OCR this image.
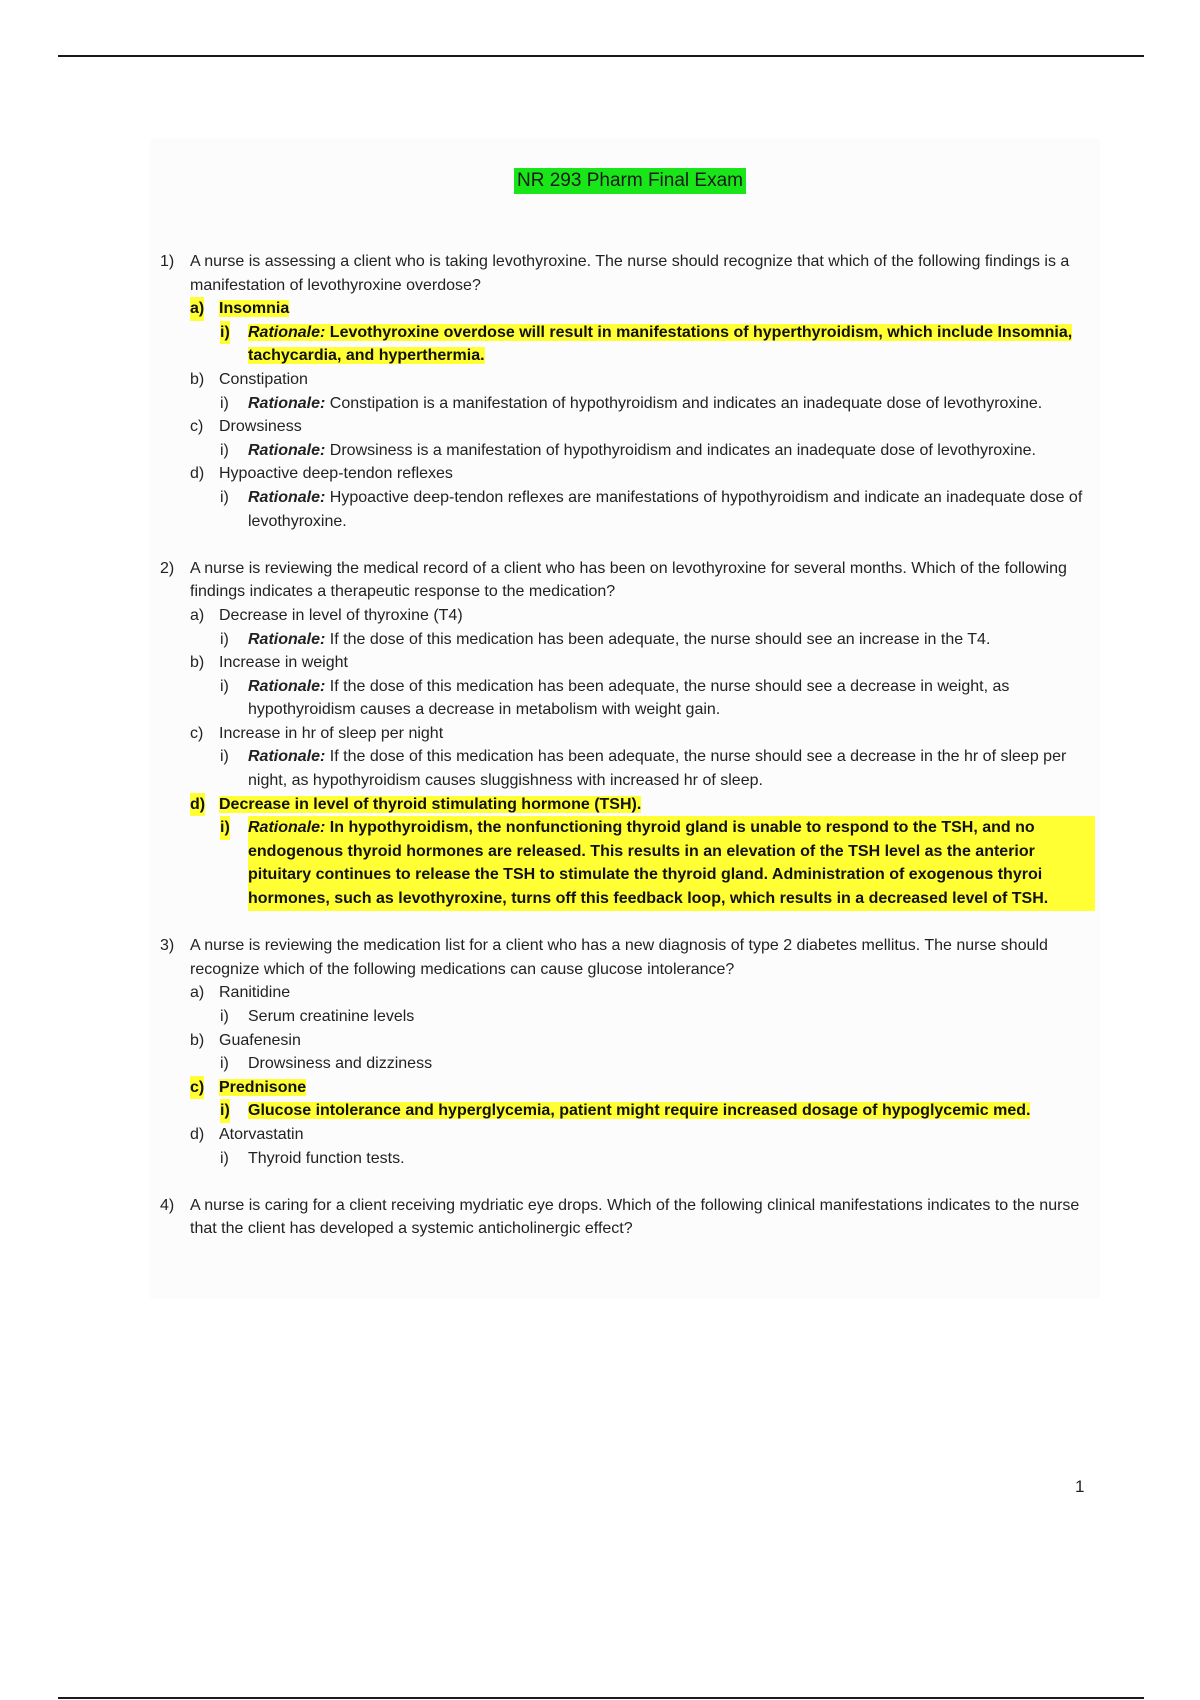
NR 293 Pharm Final Exam
1) A nurse is assessing a client who is taking levothyroxine. The nurse should recognize that which of the following findings is a manifestation of levothyroxine overdose?
a) Insomnia
i) Rationale: Levothyroxine overdose will result in manifestations of hyperthyroidism, which include Insomnia, tachycardia, and hyperthermia.
b) Constipation
i) Rationale: Constipation is a manifestation of hypothyroidism and indicates an inadequate dose of levothyroxine.
c) Drowsiness
i) Rationale: Drowsiness is a manifestation of hypothyroidism and indicates an inadequate dose of levothyroxine.
d) Hypoactive deep-tendon reflexes
i) Rationale: Hypoactive deep-tendon reflexes are manifestations of hypothyroidism and indicate an inadequate dose of levothyroxine.
2) A nurse is reviewing the medical record of a client who has been on levothyroxine for several months. Which of the following findings indicates a therapeutic response to the medication?
a) Decrease in level of thyroxine (T4)
i) Rationale: If the dose of this medication has been adequate, the nurse should see an increase in the T4.
b) Increase in weight
i) Rationale: If the dose of this medication has been adequate, the nurse should see a decrease in weight, as hypothyroidism causes a decrease in metabolism with weight gain.
c) Increase in hr of sleep per night
i) Rationale: If the dose of this medication has been adequate, the nurse should see a decrease in the hr of sleep per night, as hypothyroidism causes sluggishness with increased hr of sleep.
d) Decrease in level of thyroid stimulating hormone (TSH).
i) Rationale: In hypothyroidism, the nonfunctioning thyroid gland is unable to respond to the TSH, and no endogenous thyroid hormones are released. This results in an elevation of the TSH level as the anterior pituitary continues to release the TSH to stimulate the thyroid gland. Administration of exogenous thyroi hormones, such as levothyroxine, turns off this feedback loop, which results in a decreased level of TSH.
3) A nurse is reviewing the medication list for a client who has a new diagnosis of type 2 diabetes mellitus. The nurse should recognize which of the following medications can cause glucose intolerance?
a) Ranitidine
i) Serum creatinine levels
b) Guafenesin
i) Drowsiness and dizziness
c) Prednisone
i) Glucose intolerance and hyperglycemia, patient might require increased dosage of hypoglycemic med.
d) Atorvastatin
i) Thyroid function tests.
4) A nurse is caring for a client receiving mydriatic eye drops. Which of the following clinical manifestations indicates to the nurse that the client has developed a systemic anticholinergic effect?
1
